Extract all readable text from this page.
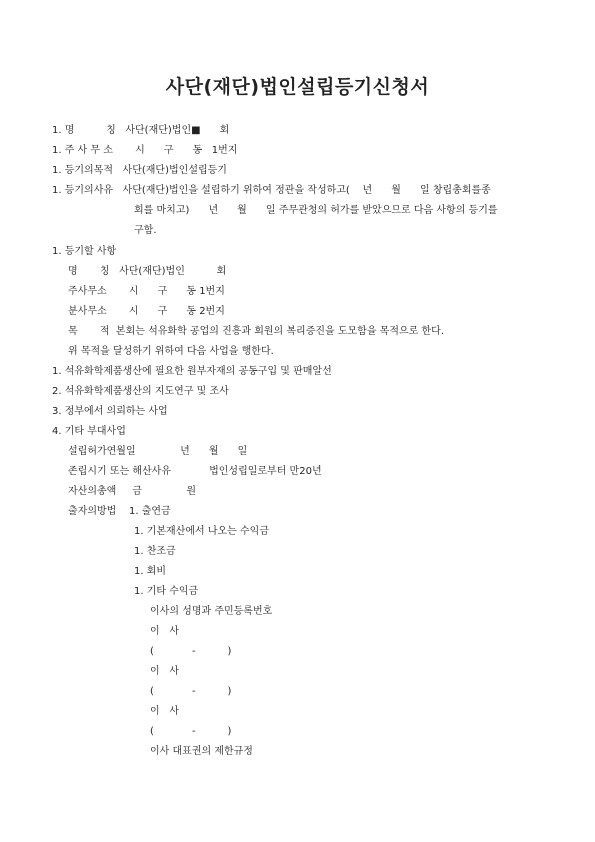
사단(재단)법인설립등기신청서
1. 명          칭   사단(재단)법인■      회
1. 주 사 무 소       시      구      동   1번지
1. 등기의목적   사단(재단)법인설립등기
1. 등기의사유   사단(재단)법인을 설립하기 위하여 정관을 작성하고(    년      월      일 창립총회를종
회를 마치고)      년      월      일 주무관청의 허가를 받았으므로 다음 사항의 등기를
구함.
1. 등기할 사항
명       칭   사단(재단)법인          회
주사무소       시      구      동 1번지
분사무소       시      구      동 2번지
목       적  본회는 석유화학 공업의 진흥과 회원의 복리증진을 도모함을 목적으로 한다.
위 목적을 달성하기 위하여 다음 사업을 행한다.
1. 석유화학제품생산에 필요한 원부자재의 공동구입 및 판매알선
2. 석유화학제품생산의 지도연구 및 조사
3. 정부에서 의뢰하는 사업
4. 기타 부대사업
설립허가연월일              년      월      일
존립시기 또는 해산사유            법인성립일로부터 만20년
자산의총액     금              원
출자의방법    1. 출연금
1. 기본재산에서 나오는 수익금
1. 찬조금
1. 회비
1. 기타 수익금
이사의 성명과 주민등록번호
이   사
(            -          )
이   사
(            -          )
이   사
(            -          )
이사 대표권의 제한규정
